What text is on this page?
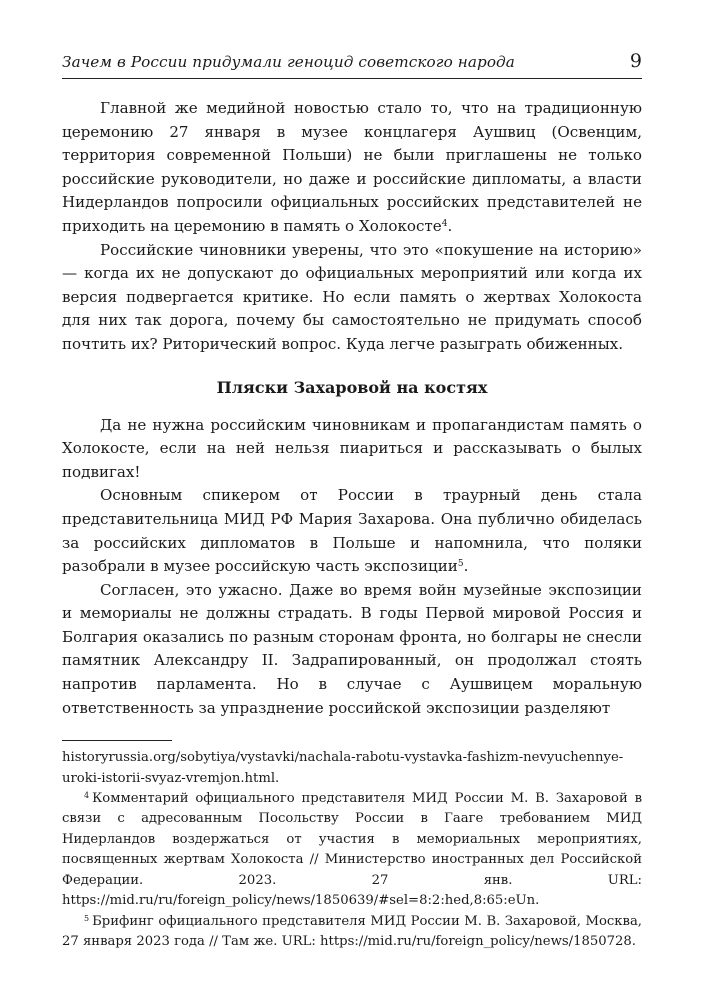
Зачем в России придумали геноцид советского народа	9

Главной же медийной новостью стало то, что на традиционную церемонию 27 января в музее концлагеря Аушвиц (Освенцим, территория современной Польши) не были приглашены не только российские руководители, но даже и российские дипломаты, а власти Нидерландов попросили официальных российских представителей не приходить на церемонию в память о Холокосте$^4$.

Российские чиновники уверены, что это «покушение на историю» — когда их не допускают до официальных мероприятий или когда их версия подвергается критике. Но если память о жертвах Холокоста для них так дорога, почему бы самостоятельно не придумать способ почтить их? Риторический вопрос. Куда легче разыграть обиженных.

Пляски Захаровой на костях

Да не нужна российским чиновникам и пропагандистам память о Холокосте, если на ней нельзя пиариться и рассказывать о былых подвигах!

Основным спикером от России в траурный день стала представительница МИД РФ Мария Захарова. Она публично обиделась за российских дипломатов в Польше и напомнила, что поляки разобрали в музее российскую часть экспозиции$^5$.

Согласен, это ужасно. Даже во время войн музейные экспозиции и мемориалы не должны страдать. В годы Первой мировой Россия и Болгария оказались по разным сторонам фронта, но болгары не снесли памятник Александру II. Задрапированный, он продолжал стоять напротив парламента. Но в случае с Аушвицем моральную ответственность за упразднение российской экспозиции разделяют

historyrussia.org/sobytiya/vystavki/nachala-rabotu-vystavka-fashizm-nevyuchennye-uroki-istorii-svyaz-vremjon.html.

$^4$ Комментарий официального представителя МИД России М. В. Захаровой в связи с адресованным Посольству России в Гааге требованием МИД Нидерландов воздержаться от участия в мемориальных мероприятиях, посвященных жертвам Холокоста // Министерство иностранных дел Российской Федерации. 2023. 27 янв. URL: https://mid.ru/ru/foreign_policy/news/1850639/#sel=8:2:hed,8:65:eUn.

$^5$ Брифинг официального представителя МИД России М. В. Захаровой, Москва, 27 января 2023 года // Там же. URL: https://mid.ru/ru/foreign_policy/news/1850728.
